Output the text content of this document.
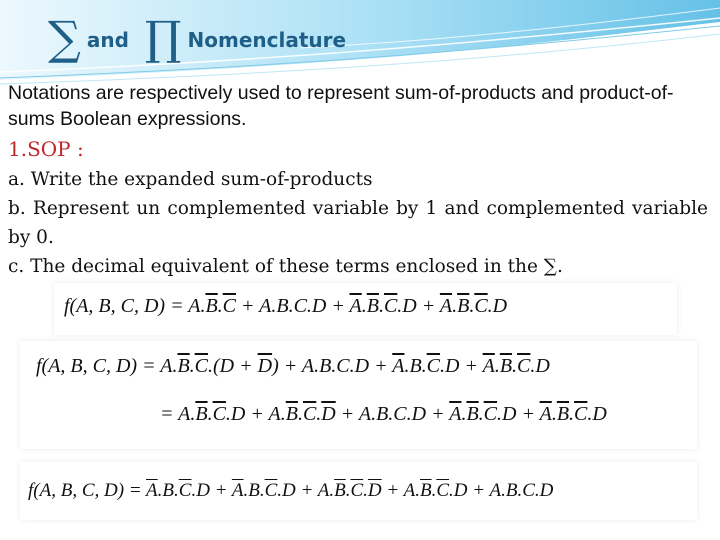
∑ and ∏ Nomenclature
Notations are respectively used to represent sum-of-products and product-of-sums Boolean expressions.
1.SOP :
a. Write the expanded sum-of-products
b. Represent un complemented variable by 1 and complemented variable by 0.
c. The decimal equivalent of these terms enclosed in the ∑.
f(A, B, C, $D) = A.\overline{B}.\overline{C} + A.B.C.D + \overline{A}.\overline{B}.\overline{C}.D + \overline{A}.\overline{B}.\overline{C}.D$
f(A, B, C, $D) = A.\overline{B}.\overline{C}.(D + \overline{D}) + A.B.C.D + \overline{A}.B.\overline{C}.D + \overline{A}.\overline{B}.\overline{C}.D$
= $A.\overline{B}.\overline{C}.D + A.\overline{B}.\overline{C}.\overline{D} + A.B.C.D + \overline{A}.\overline{B}.\overline{C}.D + \overline{A}.\overline{B}.\overline{C}.D$
f(A, B, C, $D) = \overline{A}.B.\overline{C}.D + \overline{A}.B.\overline{C}.D + A.\overline{B}.\overline{C}.\overline{D} + A.\overline{B}.\overline{C}.D + A.B.C.D$
